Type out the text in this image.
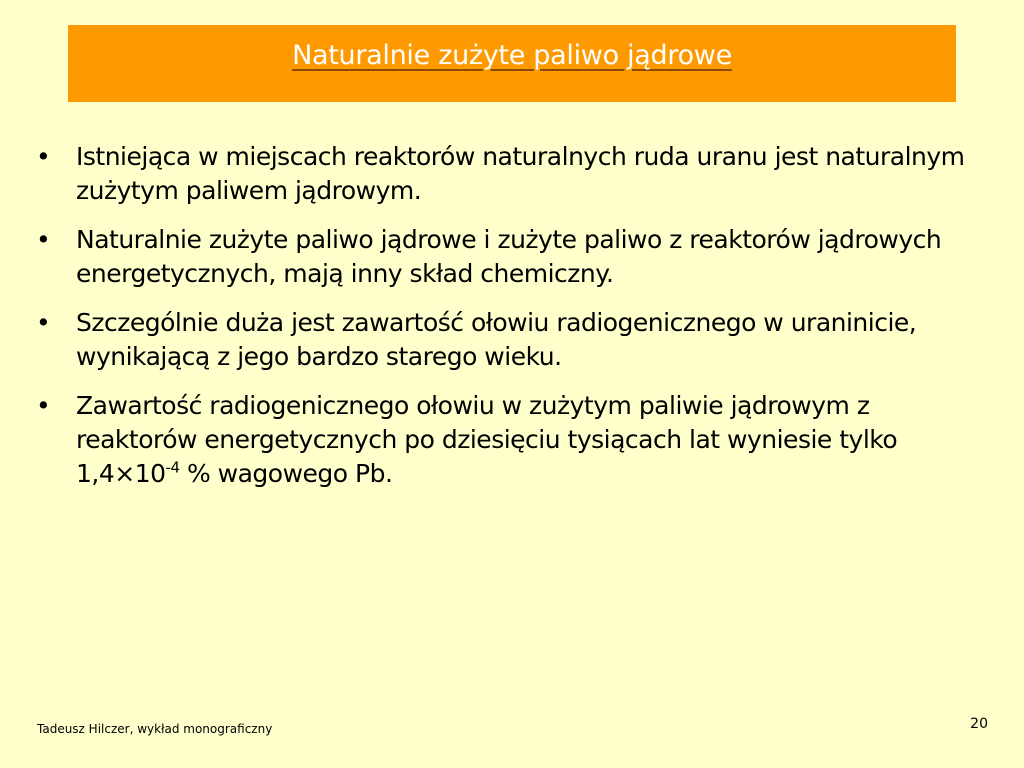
Naturalnie zużyte paliwo jądrowe
• Istniejąca w miejscach reaktorów naturalnych ruda uranu jest naturalnym zużytym paliwem jądrowym.
• Naturalnie zużyte paliwo jądrowe i zużyte paliwo z reaktorów jądrowych energetycznych, mają inny skład chemiczny.
• Szczególnie duża jest zawartość ołowiu radiogenicznego w uraninicie, wynikającą z jego bardzo starego wieku.
• Zawartość radiogenicznego ołowiu w zużytym paliwie jądrowym z reaktorów energetycznych po dziesięciu tysiącach lat wyniesie tylko $1,4\times 10^{-4}$ % wagowego Pb.
Tadeusz Hilczer, wykład monograficzny	20
